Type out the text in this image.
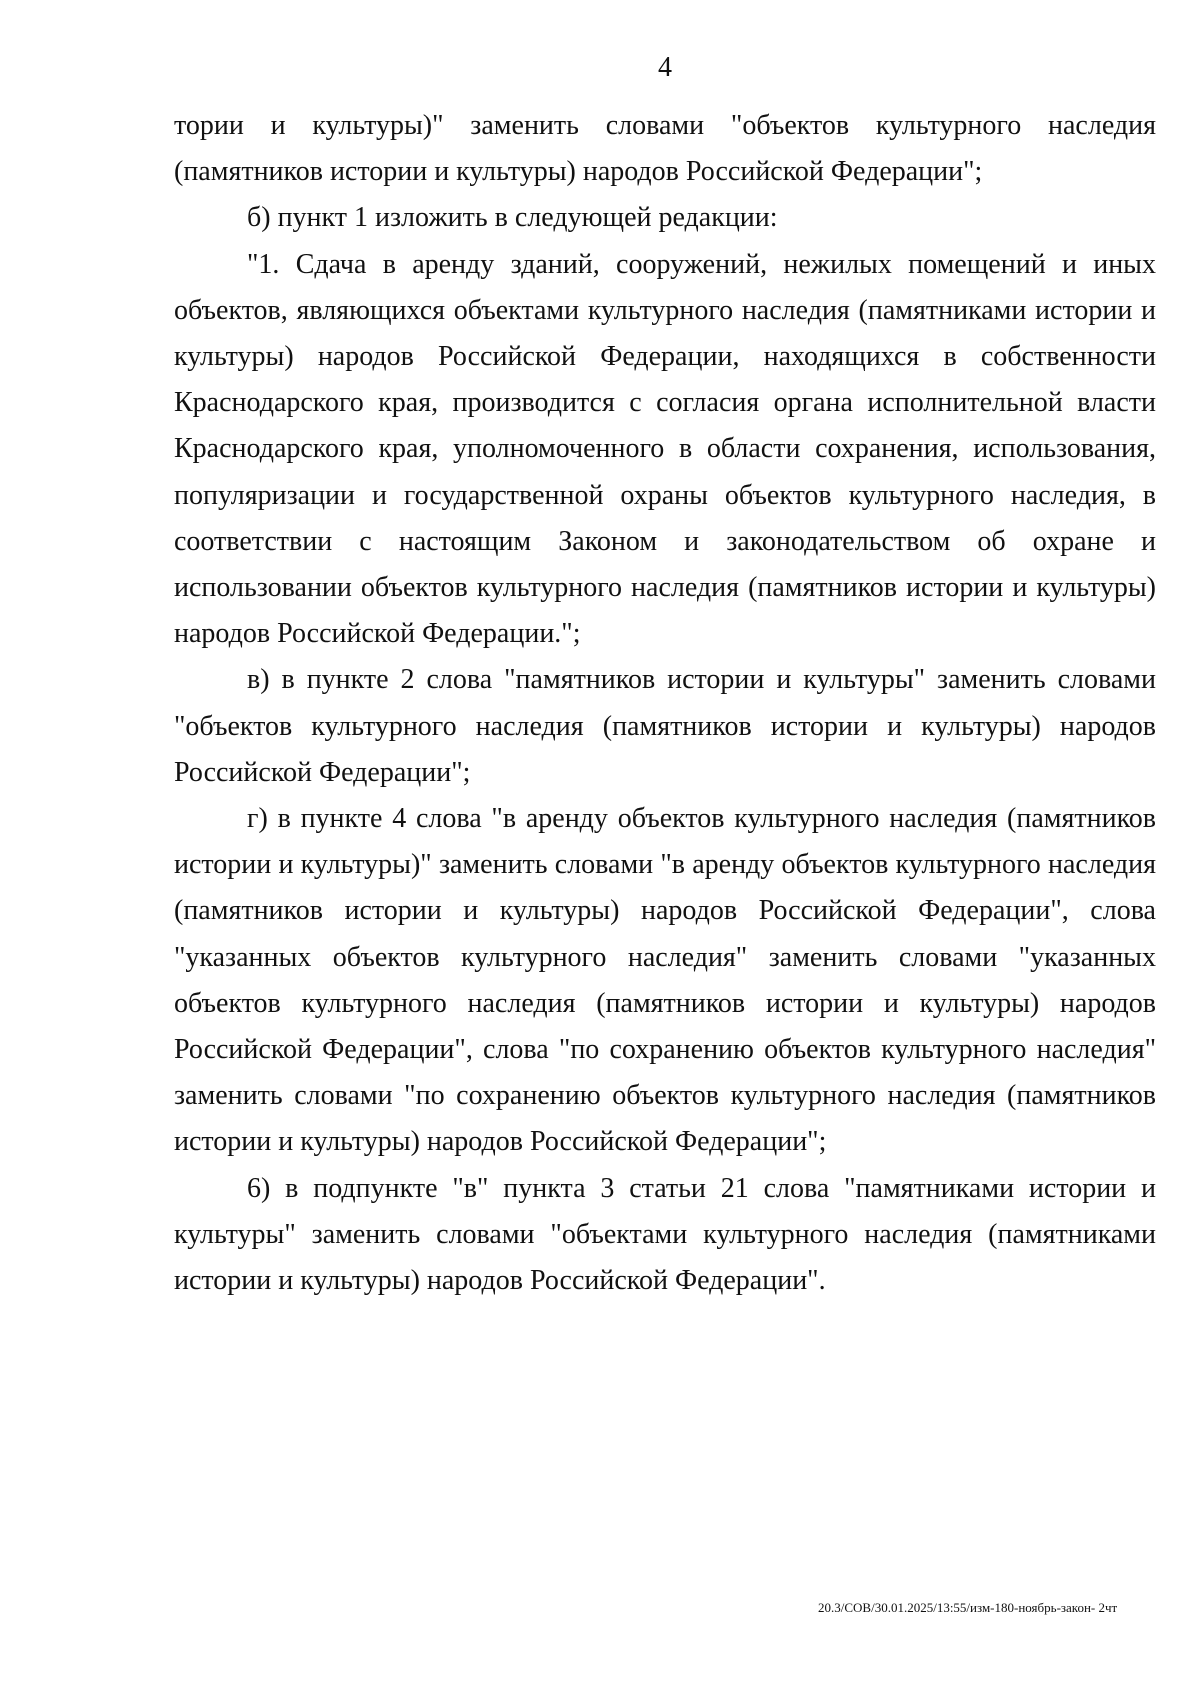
4

тории и культуры)" заменить словами "объектов культурного наследия (памятников истории и культуры) народов Российской Федерации";

б) пункт 1 изложить в следующей редакции:

"1. Сдача в аренду зданий, сооружений, нежилых помещений и иных объектов, являющихся объектами культурного наследия (памятниками истории и культуры) народов Российской Федерации, находящихся в собственности Краснодарского края, производится с согласия органа исполнительной власти Краснодарского края, уполномоченного в области сохранения, использования, популяризации и государственной охраны объектов культурного наследия, в соответствии с настоящим Законом и законодательством об охране и использовании объектов культурного наследия (памятников истории и культуры) народов Российской Федерации.";

в) в пункте 2 слова "памятников истории и культуры" заменить словами "объектов культурного наследия (памятников истории и культуры) народов Российской Федерации";

г) в пункте 4 слова "в аренду объектов культурного наследия (памятников истории и культуры)" заменить словами "в аренду объектов культурного наследия (памятников истории и культуры) народов Российской Федерации", слова "указанных объектов культурного наследия" заменить словами "указанных объектов культурного наследия (памятников истории и культуры) народов Российской Федерации", слова "по сохранению объектов культурного наследия" заменить словами "по сохранению объектов культурного наследия (памятников истории и культуры) народов Российской Федерации";

6) в подпункте "в" пункта 3 статьи 21 слова "памятниками истории и культуры" заменить словами "объектами культурного наследия (памятниками истории и культуры) народов Российской Федерации".

20.3/СОВ/30.01.2025/13:55/изм-180-ноябрь-закон- 2чт
